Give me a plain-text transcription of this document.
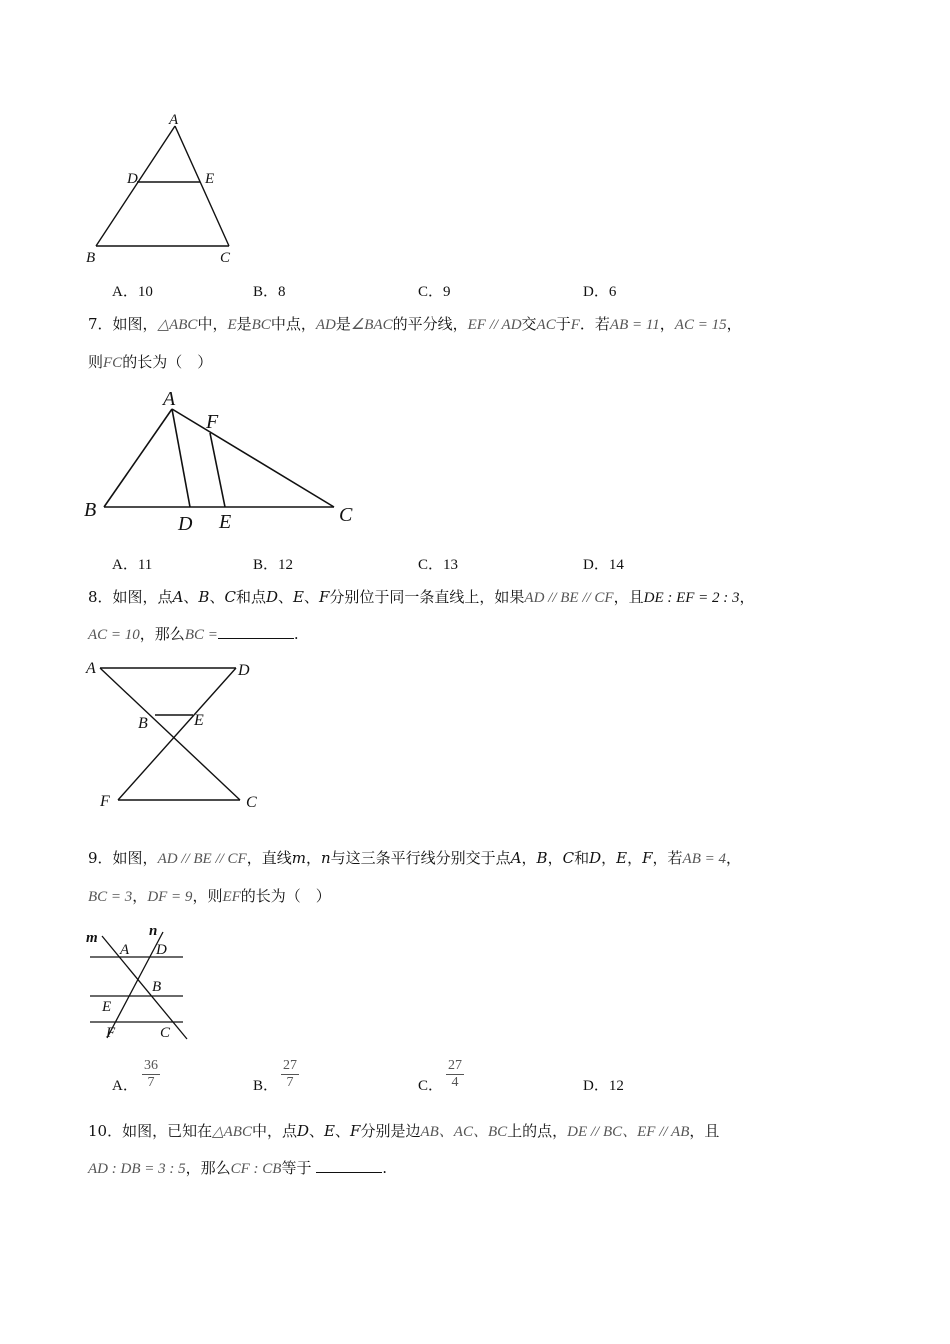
A
D	E
B	C
A．10	B．8	C．9	D．6
7．如图，△ABC中，E是BC中点，AD是∠BAC的平分线，EF // AD交AC于F．若AB = 11，AC = 15，
则FC的长为（　）
A
F
B
D E	C
A．11	B．12	C．13	D．14
8．如图，点A、B、C和点D、E、F分别位于同一条直线上，如果AD // BE // CF，且DE : EF = 2 : 3，
AC = 10，那么BC =	.
A	D
B	E
F	C
9．如图，AD // BE // CF，直线m，n与这三条平行线分别交于点A，B，C和D，E，F，若AB = 4，
BC = 3，DF = 9，则EF的长为（　）
m	n
A D
B
E
F	C
A． $\frac{36}{7}$	B． $\frac{27}{7}$	C． $\frac{27}{4}$	D．12
10．如图，已知在△ABC中，点D、E、F分别是边AB、AC、BC上的点，DE // BC、EF // AB，且
AD : DB = 3 : 5，那么CF : CB等于	.
